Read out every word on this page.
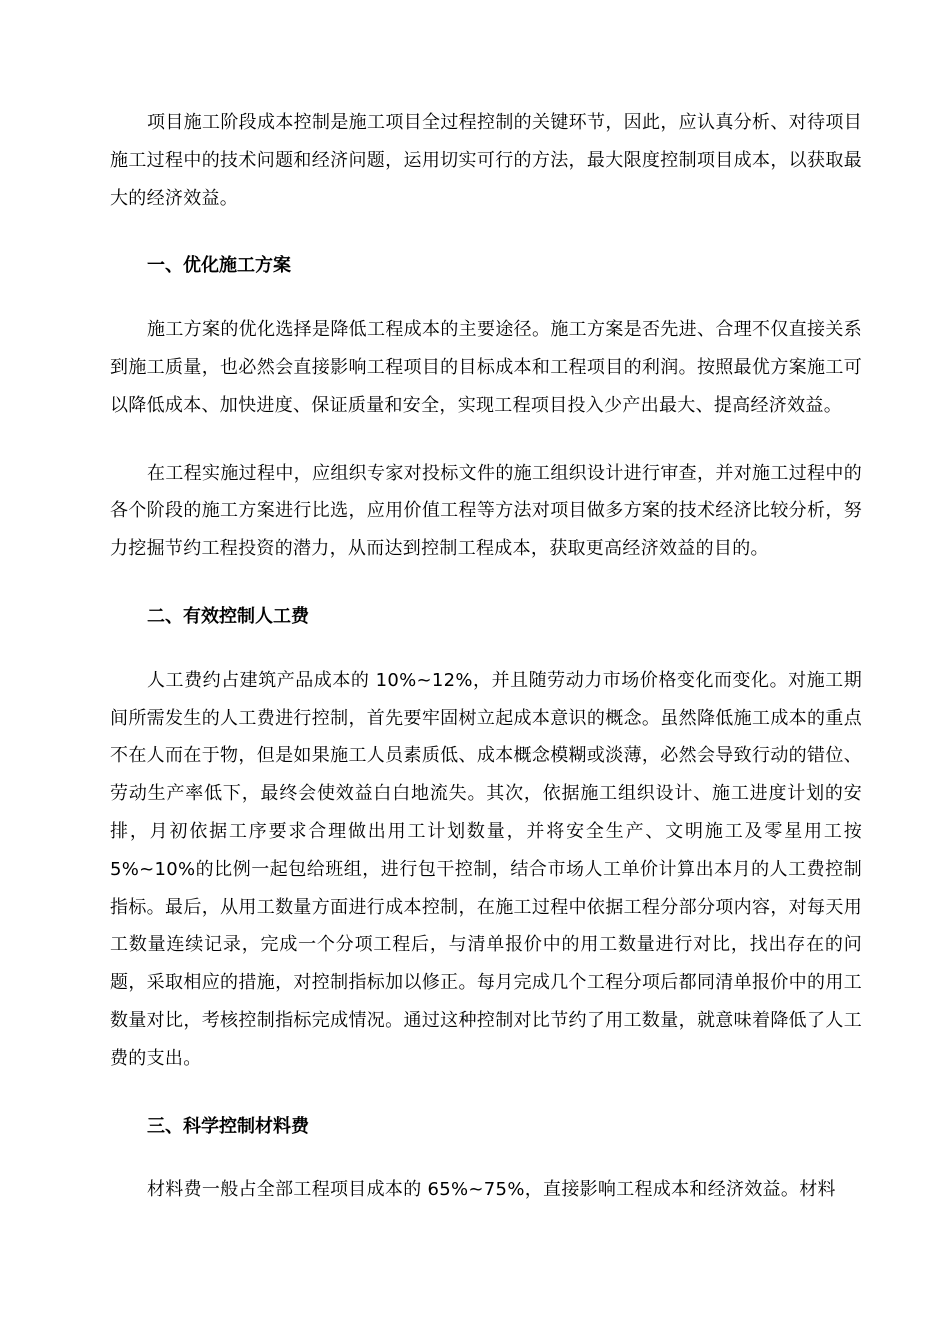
项目施工阶段成本控制是施工项目全过程控制的关键环节，因此，应认真分析、对待项目施工过程中的技术问题和经济问题，运用切实可行的方法，最大限度控制项目成本，以获取最大的经济效益。

一、优化施工方案

施工方案的优化选择是降低工程成本的主要途径。施工方案是否先进、合理不仅直接关系到施工质量，也必然会直接影响工程项目的目标成本和工程项目的利润。按照最优方案施工可以降低成本、加快进度、保证质量和安全，实现工程项目投入少产出最大、提高经济效益。

在工程实施过程中，应组织专家对投标文件的施工组织设计进行审查，并对施工过程中的各个阶段的施工方案进行比选，应用价值工程等方法对项目做多方案的技术经济比较分析，努力挖掘节约工程投资的潜力，从而达到控制工程成本，获取更高经济效益的目的。

二、有效控制人工费

人工费约占建筑产品成本的 10%~12%，并且随劳动力市场价格变化而变化。对施工期间所需发生的人工费进行控制，首先要牢固树立起成本意识的概念。虽然降低施工成本的重点不在人而在于物，但是如果施工人员素质低、成本概念模糊或淡薄，必然会导致行动的错位、劳动生产率低下，最终会使效益白白地流失。其次，依据施工组织设计、施工进度计划的安排，月初依据工序要求合理做出用工计划数量，并将安全生产、文明施工及零星用工按 5%~10%的比例一起包给班组，进行包干控制，结合市场人工单价计算出本月的人工费控制指标。最后，从用工数量方面进行成本控制，在施工过程中依据工程分部分项内容，对每天用工数量连续记录，完成一个分项工程后，与清单报价中的用工数量进行对比，找出存在的问题，采取相应的措施，对控制指标加以修正。每月完成几个工程分项后都同清单报价中的用工数量对比，考核控制指标完成情况。通过这种控制对比节约了用工数量，就意味着降低了人工费的支出。

三、科学控制材料费

材料费一般占全部工程项目成本的 65%~75%，直接影响工程成本和经济效益。材料
